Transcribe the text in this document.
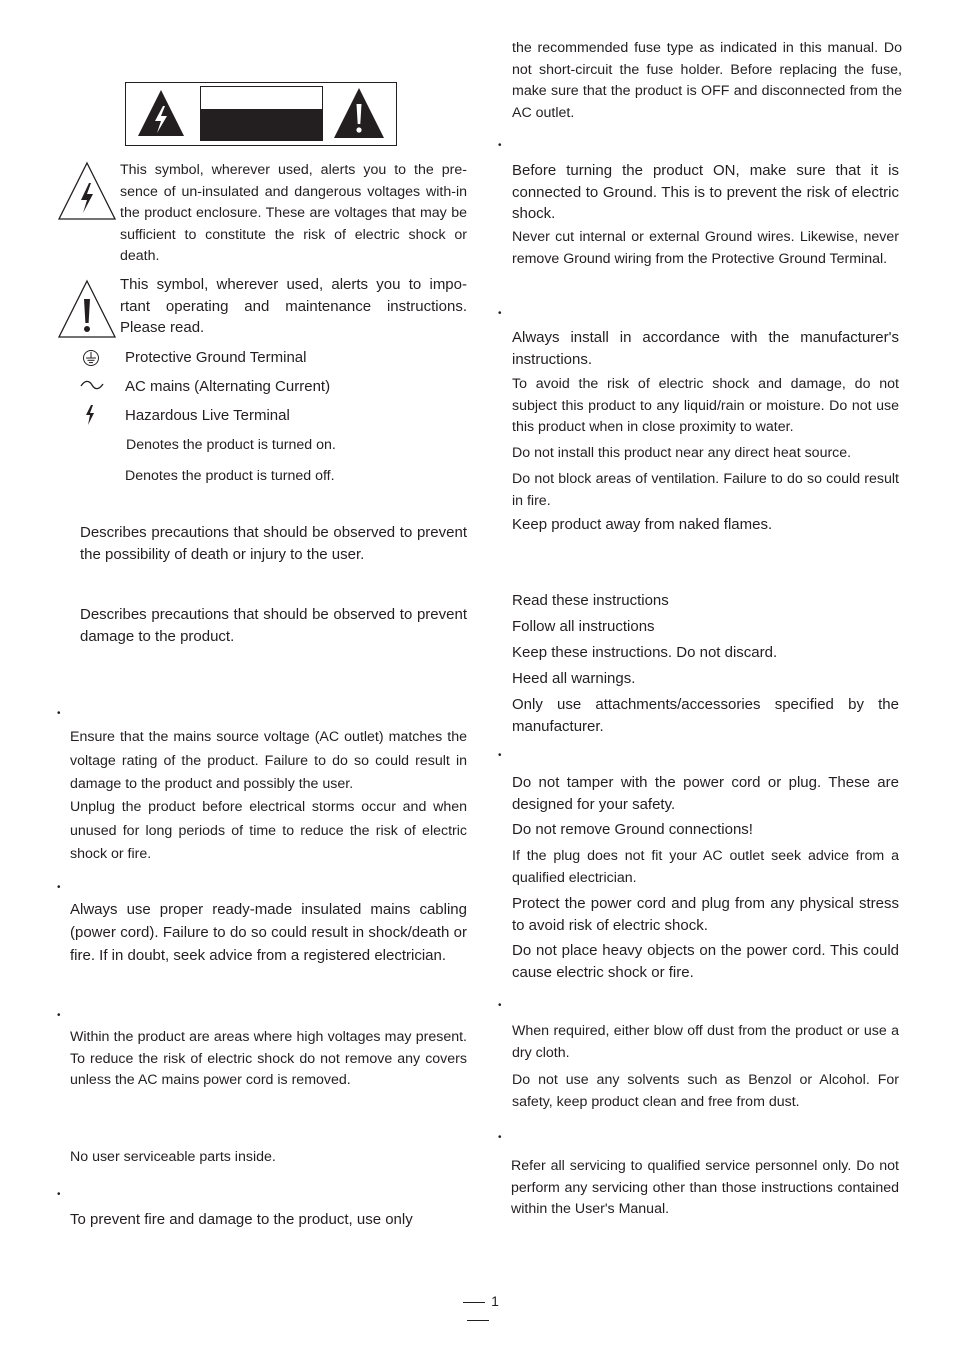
This symbol, wherever used, alerts you to the pre-sence of un-insulated and dangerous voltages with-in the product enclosure. These are voltages that may be sufficient to constitute the risk of electric shock or death.

This symbol, wherever used, alerts you to impo-rtant operating and maintenance instructions. Please read.

Protective Ground Terminal

AC mains (Alternating Current)

Hazardous Live Terminal

Denotes the product is turned on.

Denotes the product is turned off.

Describes precautions that should be observed to prevent the possibility of death or injury to the user.

Describes precautions that should be observed to prevent damage to the product.

•

Ensure that the mains source voltage (AC outlet) matches the voltage rating of the product. Failure to do so could result in damage to the product and possibly the user.

Unplug the product before electrical storms occur and when unused for long periods of time to reduce the risk of electric shock or fire.

•

Always use proper ready-made insulated mains cabling (power cord). Failure to do so could result in shock/death or fire. If in doubt, seek advice from a registered electrician.

•

Within the product are areas where high voltages may present. To reduce the risk of electric shock do not remove any covers unless the AC mains power cord is removed.

No user serviceable parts inside.

•

To prevent fire and damage to the product, use only

the recommended fuse type as indicated in this manual. Do not short-circuit the fuse holder. Before replacing the fuse, make sure that the product is OFF and disconnected from the AC outlet.

•

Before turning the product ON, make sure that it is connected to Ground. This is to prevent the risk of electric shock.

Never cut internal or external Ground wires. Likewise, never remove Ground wiring from the Protective Ground Terminal.

•

Always install in accordance with the manufacturer's instructions.

To avoid the risk of electric shock and damage, do not subject this product to any liquid/rain or moisture. Do not use this product when in close proximity to water.

Do not install this product near any direct heat source.

Do not block areas of ventilation. Failure to do so could result in fire.

Keep product away from naked flames.

Read these instructions

Follow all instructions

Keep these instructions. Do not discard.

Heed all warnings.

Only use attachments/accessories specified by the manufacturer.

•

Do not tamper with the power cord or plug. These are designed for your safety.

Do not remove Ground connections!

If the plug does not fit your AC outlet seek advice from a qualified electrician.

Protect the power cord and plug from any physical stress to avoid risk of electric shock.

Do not place heavy objects on the power cord. This could cause electric shock or fire.

•

When required, either blow off dust from the product or use a dry cloth.

Do not use any solvents such as Benzol or Alcohol. For safety, keep product clean and free from dust.

•

Refer all servicing to qualified service personnel only. Do not perform any servicing other than those instructions contained within the User's Manual.

1
